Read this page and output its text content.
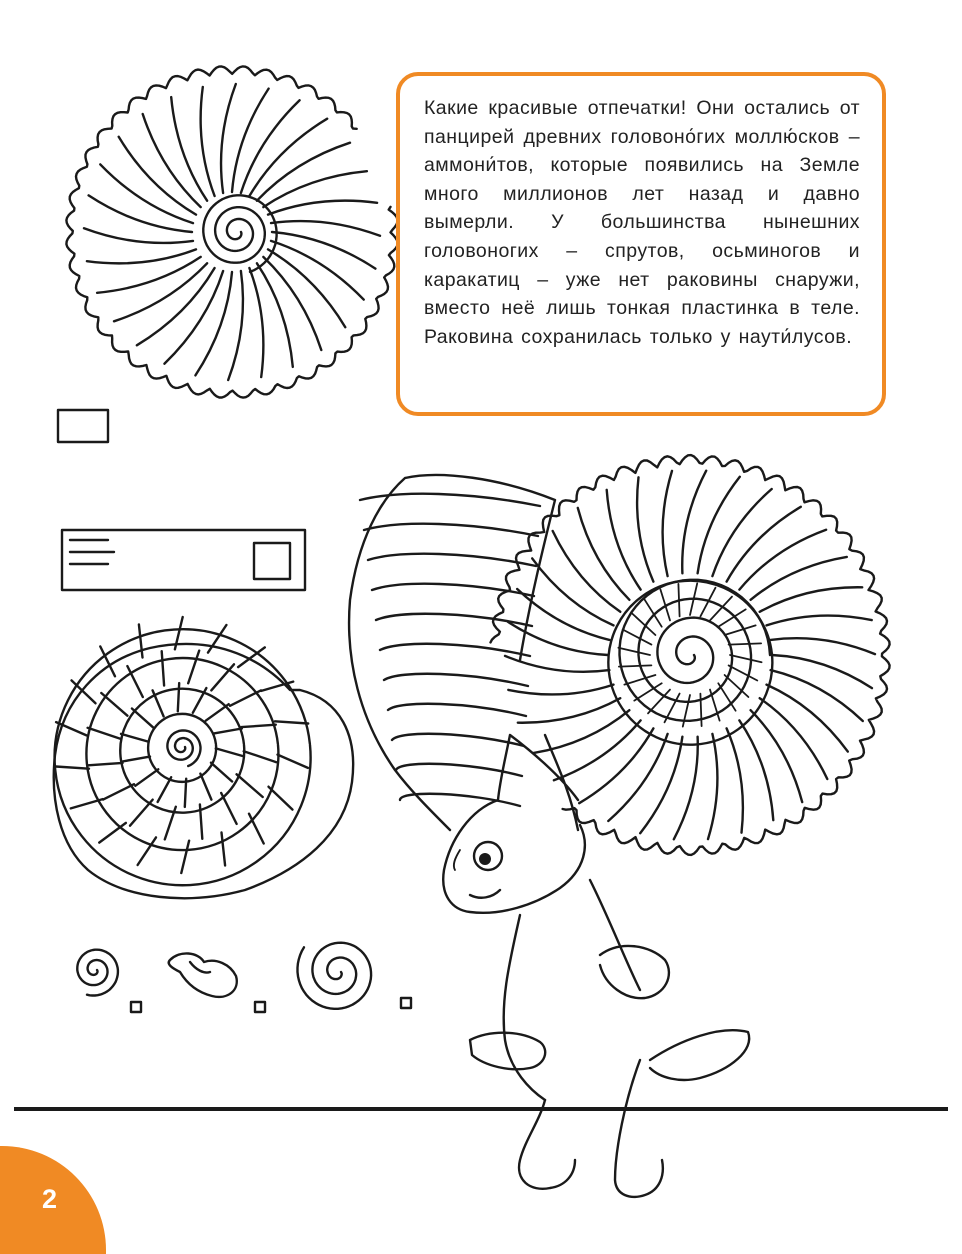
Какие красивые отпечатки! Они остались от панцирей древних головоно́гих моллю́сков – аммони́тов, которые появились на Земле много миллионов лет назад и давно вымерли. У большинства нынешних головоногих – спрутов, осьминогов и каракатиц – уже нет раковины снаружи, вместо неё лишь тонкая пластинка в теле. Раковина сохранилась только у наути́лусов.

2
